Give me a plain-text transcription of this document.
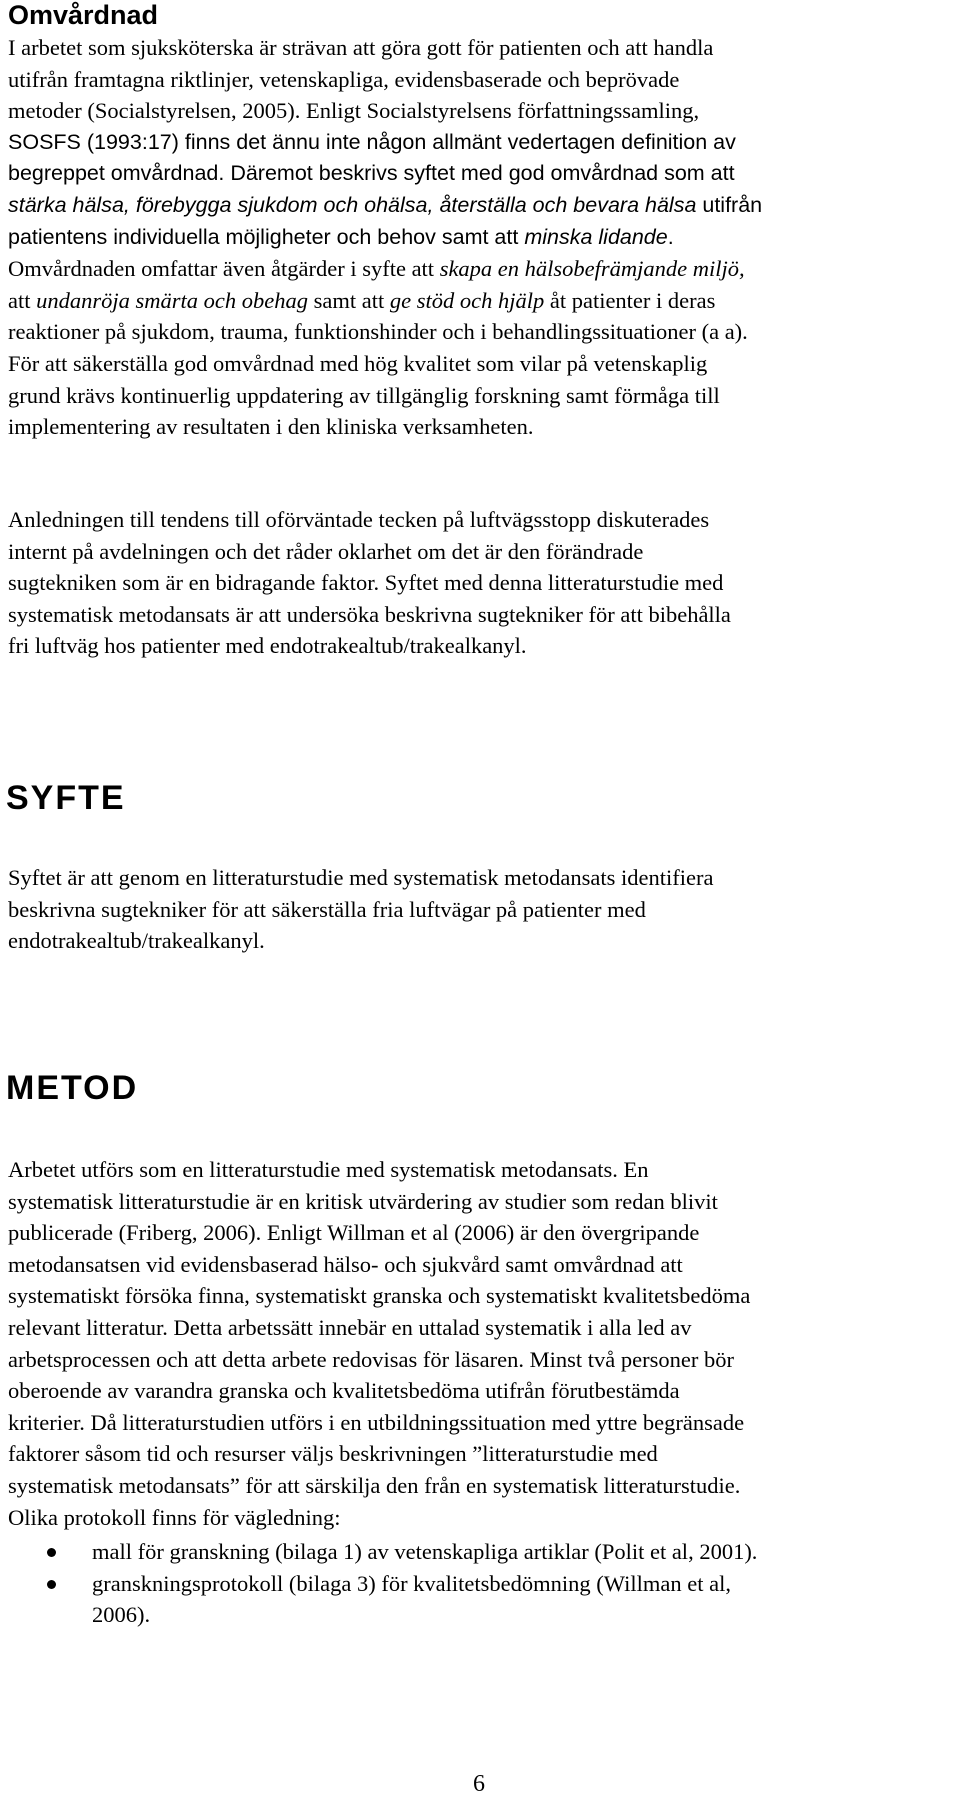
Omvårdnad

I arbetet som sjuksköterska är strävan att göra gott för patienten och att handla
utifrån framtagna riktlinjer, vetenskapliga, evidensbaserade och beprövade
metoder (Socialstyrelsen, 2005). Enligt Socialstyrelsens författningssamling,
SOSFS (1993:17) finns det ännu inte någon allmänt vedertagen definition av
begreppet omvårdnad. Däremot beskrivs syftet med god omvårdnad som att
stärka hälsa, förebygga sjukdom och ohälsa, återställa och bevara hälsa utifrån
patientens individuella möjligheter och behov samt att minska lidande.
Omvårdnaden omfattar även åtgärder i syfte att skapa en hälsobefrämjande miljö,
att undanröja smärta och obehag samt att ge stöd och hjälp åt patienter i deras
reaktioner på sjukdom, trauma, funktionshinder och i behandlingssituationer (a a).
För att säkerställa god omvårdnad med hög kvalitet som vilar på vetenskaplig
grund krävs kontinuerlig uppdatering av tillgänglig forskning samt förmåga till
implementering av resultaten i den kliniska verksamheten.

Anledningen till tendens till oförväntade tecken på luftvägsstopp diskuterades
internt på avdelningen och det råder oklarhet om det är den förändrade
sugtekniken som är en bidragande faktor. Syftet med denna litteraturstudie med
systematisk metodansats är att undersöka beskrivna sugtekniker för att bibehålla
fri luftväg hos patienter med endotrakealtub/trakealkanyl.

SYFTE

Syftet är att genom en litteraturstudie med systematisk metodansats identifiera
beskrivna sugtekniker för att säkerställa fria luftvägar på patienter med
endotrakealtub/trakealkanyl.

METOD

Arbetet utförs som en litteraturstudie med systematisk metodansats. En
systematisk litteraturstudie är en kritisk utvärdering av studier som redan blivit
publicerade (Friberg, 2006). Enligt Willman et al (2006) är den övergripande
metodansatsen vid evidensbaserad hälso- och sjukvård samt omvårdnad att
systematiskt försöka finna, systematiskt granska och systematiskt kvalitetsbedöma
relevant litteratur. Detta arbetssätt innebär en uttalad systematik i alla led av
arbetsprocessen och att detta arbete redovisas för läsaren. Minst två personer bör
oberoende av varandra granska och kvalitetsbedöma utifrån förutbestämda
kriterier. Då litteraturstudien utförs i en utbildningssituation med yttre begränsade
faktorer såsom tid och resurser väljs beskrivningen ”litteraturstudie med
systematisk metodansats” för att särskilja den från en systematisk litteraturstudie.
Olika protokoll finns för vägledning:

mall för granskning (bilaga 1) av vetenskapliga artiklar (Polit et al, 2001).
granskningsprotokoll (bilaga 3) för kvalitetsbedömning (Willman et al,
2006).
6
